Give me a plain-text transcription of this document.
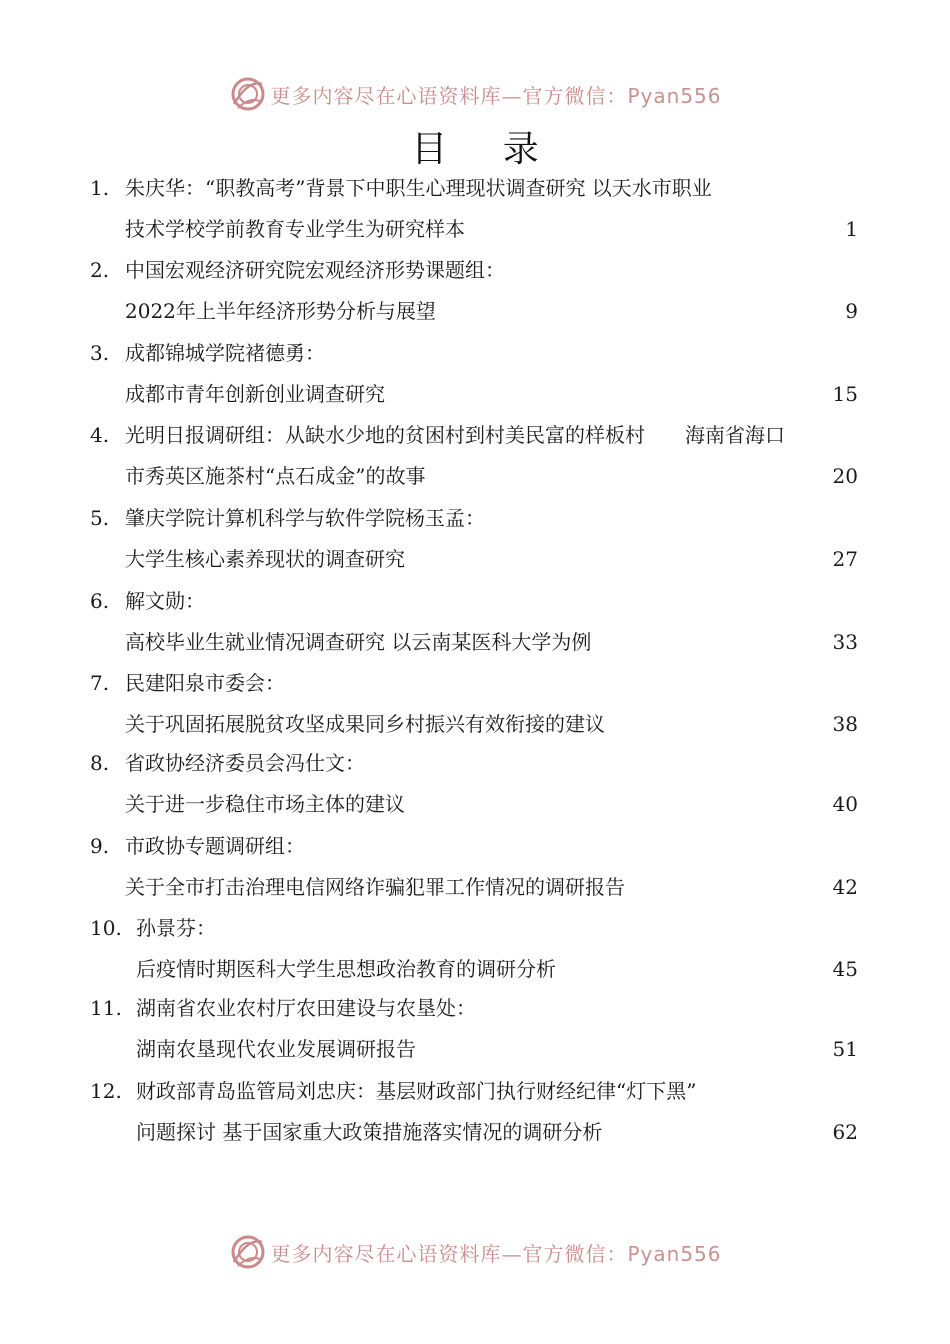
更多内容尽在心语资料库—官方微信：Pyan556
目 录
1. 朱庆华：“职教高考”背景下中职生心理现状调查研究 以天水市职业
技术学校学前教育专业学生为研究样本	1
2. 中国宏观经济研究院宏观经济形势课题组：
2022年上半年经济形势分析与展望	9
3. 成都锦城学院褚德勇：
成都市青年创新创业调查研究	15
4. 光明日报调研组：从缺水少地的贫困村到村美民富的样板村　　海南省海口
市秀英区施茶村“点石成金”的故事	20
5. 肇庆学院计算机科学与软件学院杨玉孟：
大学生核心素养现状的调查研究	27
6. 解文勋：
高校毕业生就业情况调查研究 以云南某医科大学为例	33
7. 民建阳泉市委会：
关于巩固拓展脱贫攻坚成果同乡村振兴有效衔接的建议	38
8. 省政协经济委员会冯仕文：
关于进一步稳住市场主体的建议	40
9. 市政协专题调研组：
关于全市打击治理电信网络诈骗犯罪工作情况的调研报告	42
10. 孙景芬：
后疫情时期医科大学生思想政治教育的调研分析	45
11. 湖南省农业农村厅农田建设与农垦处：
湖南农垦现代农业发展调研报告	51
12. 财政部青岛监管局刘忠庆：基层财政部门执行财经纪律“灯下黑”
问题探讨 基于国家重大政策措施落实情况的调研分析	62
更多内容尽在心语资料库—官方微信：Pyan556
